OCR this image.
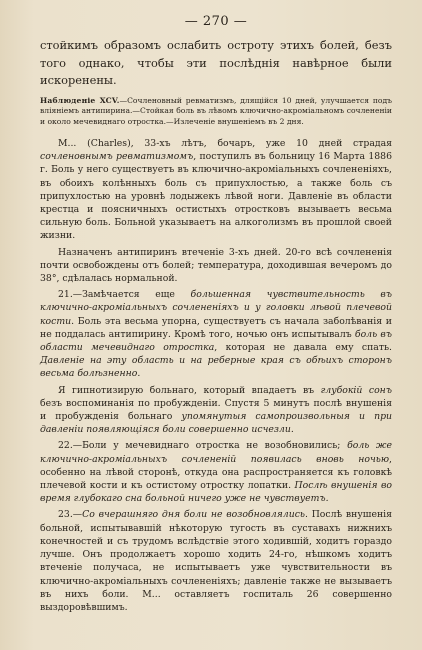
— 270 —

стойкимъ образомъ ослабить остроту этихъ болей, безъ того однако, чтобы эти послѣднія навѣрное были искоренены.

Наблюденіе XCV.—Сочленовный ревматизмъ, длящійся 10 дней, улучшается подъ вліяніемъ антипирина.—Стойкая боль въ лѣвомъ ключично-акроміальномъ сочлененіи и около мечевиднаго отростка.—Излеченіе внушеніемъ въ 2 дня.

M... (Charles), 33-хъ лѣтъ, бочаръ, уже 10 дней страдая сочленовнымъ ревматизмомъ, поступилъ въ больницу 16 Марта 1886 г. Боль у него существуетъ въ ключично-акроміальныхъ сочлененіяхъ, въ обоихъ колѣнныхъ боль съ припухлостью, а также боль съ припухлостью на уровнѣ лодыжекъ лѣвой ноги. Давленіе въ области крестца и поясничныхъ остистыхъ отростковъ вызываетъ весьма сильную боль. Больной указываетъ на алкоголизмъ въ прошлой своей жизни.

Назначенъ антипиринъ втеченіе 3-хъ дней. 20-го всѣ сочлененія почти освобождены отъ болей; температура, доходившая вечеромъ до 38°, сдѣлалась нормальной.

21.—Замѣчается еще большенная чувствительность въ ключично-акроміальныхъ сочлененіяхъ и у головки лѣвой плечевой кости. Боль эта весьма упорна, существуетъ съ начала заболѣванія и не поддалась антипирину. Кромѣ того, ночью онъ испытывалъ боль въ области мечевиднаго отростка, которая не давала ему спать. Давленіе на эту область и на реберные края съ обѣихъ сторонъ весьма болѣзненно.

Я гипнотизирую больнаго, который впадаетъ въ глубокій сонъ безъ воспоминанія по пробужденіи. Спустя 5 минутъ послѣ внушенія и пробужденія больнаго упомянутыя самопроизвольныя и при давленіи появляющіяся боли совершенно исчезли.

22.—Боли у мечевиднаго отростка не возобновились; боль же ключично-акроміальныхъ сочлененій появилась вновь ночью, особенно на лѣвой сторонѣ, откуда она распространяется къ головкѣ плечевой кости и къ остистому отростку лопатки. Послѣ внушенія во время глубокаго сна больной ничего уже не чувствуетъ.

23.—Со вчерашняго дня боли не возобновлялись. Послѣ внушенія больной, испытывавшій нѣкоторую тугость въ суставахъ нижнихъ конечностей и съ трудомъ вслѣдствіе этого ходившій, ходитъ гораздо лучше. Онъ продолжаетъ хорошо ходить 24-го, нѣшкомъ ходитъ втеченіе получаса, не испытываетъ уже чувствительности въ ключично-акроміальныхъ сочлененіяхъ; давленіе также не вызываетъ въ нихъ боли. М... оставляетъ госпиталь 26 совершенно выздоровѣвшимъ.
